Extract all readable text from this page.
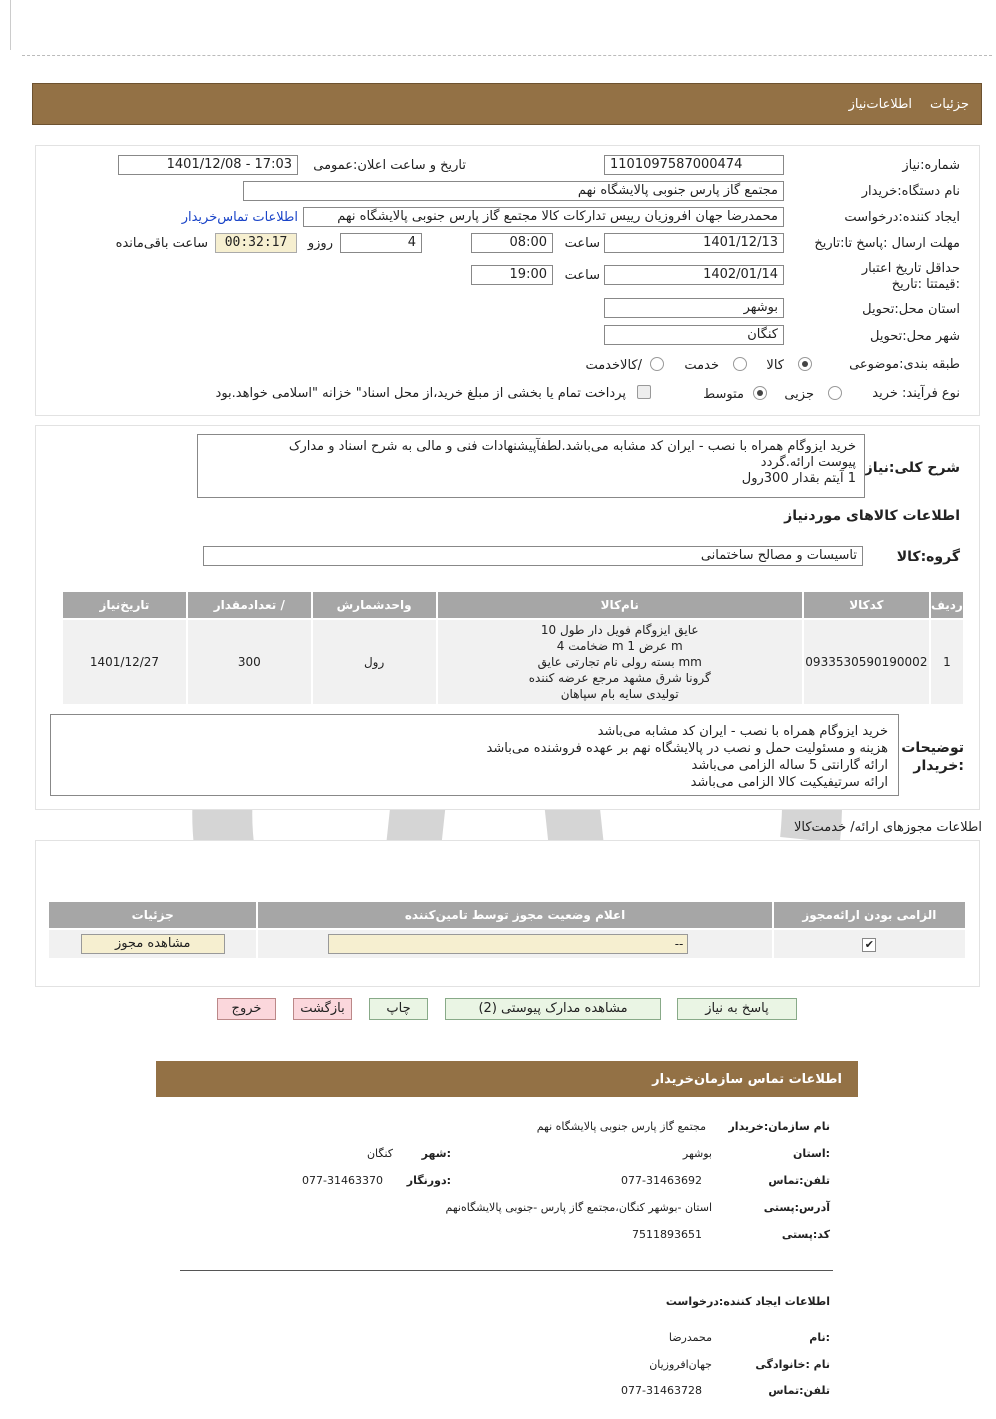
جزئیات
اطلاعات‌نیاز
شماره:نیاز
1101097587000474
تاریخ و ساعت اعلان:عمومی
1401/12/08 - 17:03
نام دستگاه:خریدار
مجتمع گاز پارس جنوبی پالایشگاه نهم
ایجاد کننده:درخواست
محمدرضا جهان افروزیان رییس تداركات كالا مجتمع گاز پارس جنوبی پالایشگاه نهم
اطلاعات تماس‌خریدار
مهلت ارسال :پاسخ تا:تاریخ
1401/12/13
ساعت
08:00
4
روزو
00:32:17
ساعت باقی‌مانده
حداقل تاریخ اعتبار :قیمتتا :تاریخ
1402/01/14
ساعت
19:00
استان محل:تحویل
بوشهر
شهر محل:تحویل
کنگان
طبقه بندی:موضوعی
کالا
خدمت
/کالاخدمت
نوع فرآیند: خرید
جزیی
متوسط
پرداخت تمام یا بخشی از مبلغ خرید،از محل اسناد" خزانه "اسلامی خواهد.بود
شرح کلی:نیاز
خرید ایزوگام همراه با نصب - ایران کد مشابه می‌باشد.لطفآپیشنهادات فنی و مالی به شرح اسناد و مدارک
پیوست ارائه.گردد
1 آیتم بقدار 300رول
اطلاعات کالاهای موردنیاز
گروه:کالا
تاسیسات و مصالح ساختمانی
ردیف	کدکالا	نام‌کالا	واحدشمارش	/ تعدادمقدار	تاریخ‌نیاز
1	0933530590190002	عایق ایزوگام فویل دار طول 10
m عرض 1 m ضخامت 4
mm بسته رولی نام تجارتی عایق
گرونا شرق مشهد مرجع عرضه کننده
تولیدی سایه بام سپاهان	رول	300	1401/12/27
خرید ایزوگام همراه با نصب - ایران کد مشابه می‌باشد
هزینه و مسئولیت حمل و نصب در پالایشگاه نهم بر عهده فروشنده می‌باشد
ارائه گارانتی 5 ساله الزامی می‌باشد
ارائه سرتیفیکیت کالا الزامی می‌باشد
توضیحات
:خریدار
اطلاعات مجوزهای ارائه/ خدمت‌کالا
الزامی بودن ارائه‌مجوز	اعلام وضعیت مجوز توسط تامین‌کننده	جزئیات
✔	--	مشاهده مجوز
پاسخ به نیاز
مشاهده مدارک پیوستی (2)
چاپ
بازگشت
خروج
اطلاعات تماس سازمان‌خریدار
نام سازمان:خریدار
مجتمع گاز پارس جنوبی پالایشگاه نهم
:استان
بوشهر
:شهر
کنگان
تلفن:تماس
077-31463692
:دورنگار
077-31463370
آدرس:پستی
استان -بوشهر کنگان،مجتمع گاز پارس -جنوبی پالایشگاه‌نهم
کد:پستی
7511893651
اطلاعات ایجاد کننده:درخواست
:نام
محمدرضا
نام :خانوادگی
جهان‌افروزیان
تلفن:تماس
077-31463728
